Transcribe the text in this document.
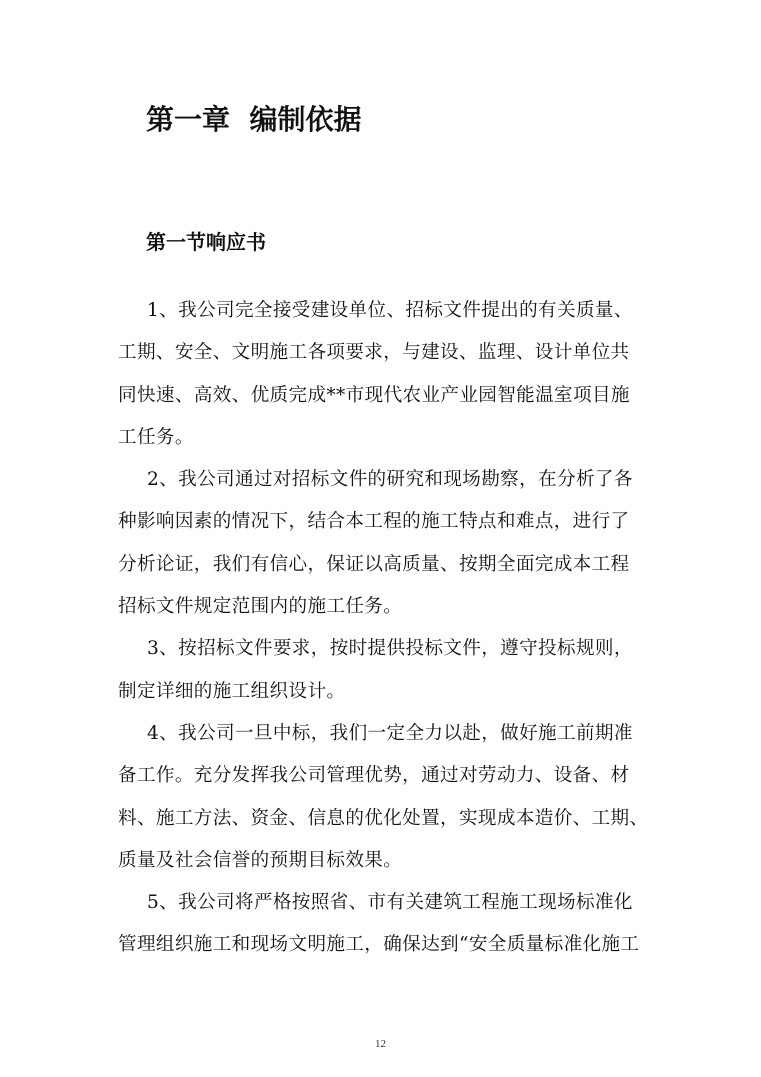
第一章  编制依据
第一节响应书
1、我公司完全接受建设单位、招标文件提出的有关质量、
工期、安全、文明施工各项要求，与建设、监理、设计单位共
同快速、高效、优质完成**市现代农业产业园智能温室项目施
工任务。
2、我公司通过对招标文件的研究和现场勘察，在分析了各
种影响因素的情况下，结合本工程的施工特点和难点，进行了
分析论证，我们有信心，保证以高质量、按期全面完成本工程
招标文件规定范围内的施工任务。
3、按招标文件要求，按时提供投标文件，遵守投标规则，
制定详细的施工组织设计。
4、我公司一旦中标，我们一定全力以赴，做好施工前期准
备工作。充分发挥我公司管理优势，通过对劳动力、设备、材
料、施工方法、资金、信息的优化处置，实现成本造价、工期、
质量及社会信誉的预期目标效果。
5、我公司将严格按照省、市有关建筑工程施工现场标准化
管理组织施工和现场文明施工，确保达到“安全质量标准化施工
12
